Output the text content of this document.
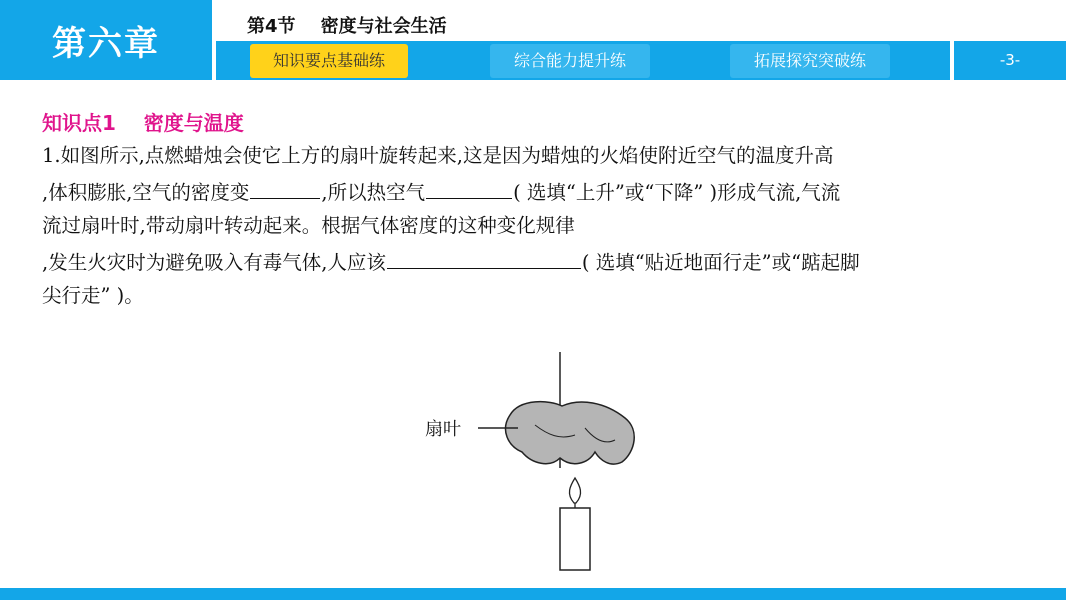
第六章	第4节    密度与社会生活
知识要点基础练	综合能力提升练	拓展探究突破练	-3-
知识点1    密度与温度
1.如图所示,点燃蜡烛会使它上方的扇叶旋转起来,这是因为蜡烛的火焰使附近空气的温度升高
,体积膨胀,空气的密度变	,所以热空气	( 选填“上升”或“下降” )形成气流,气流
流过扇叶时,带动扇叶转动起来。根据气体密度的这种变化规律
,发生火灾时为避免吸入有毒气体,人应该	( 选填“贴近地面行走”或“踮起脚
尖行走” )。
扇叶
